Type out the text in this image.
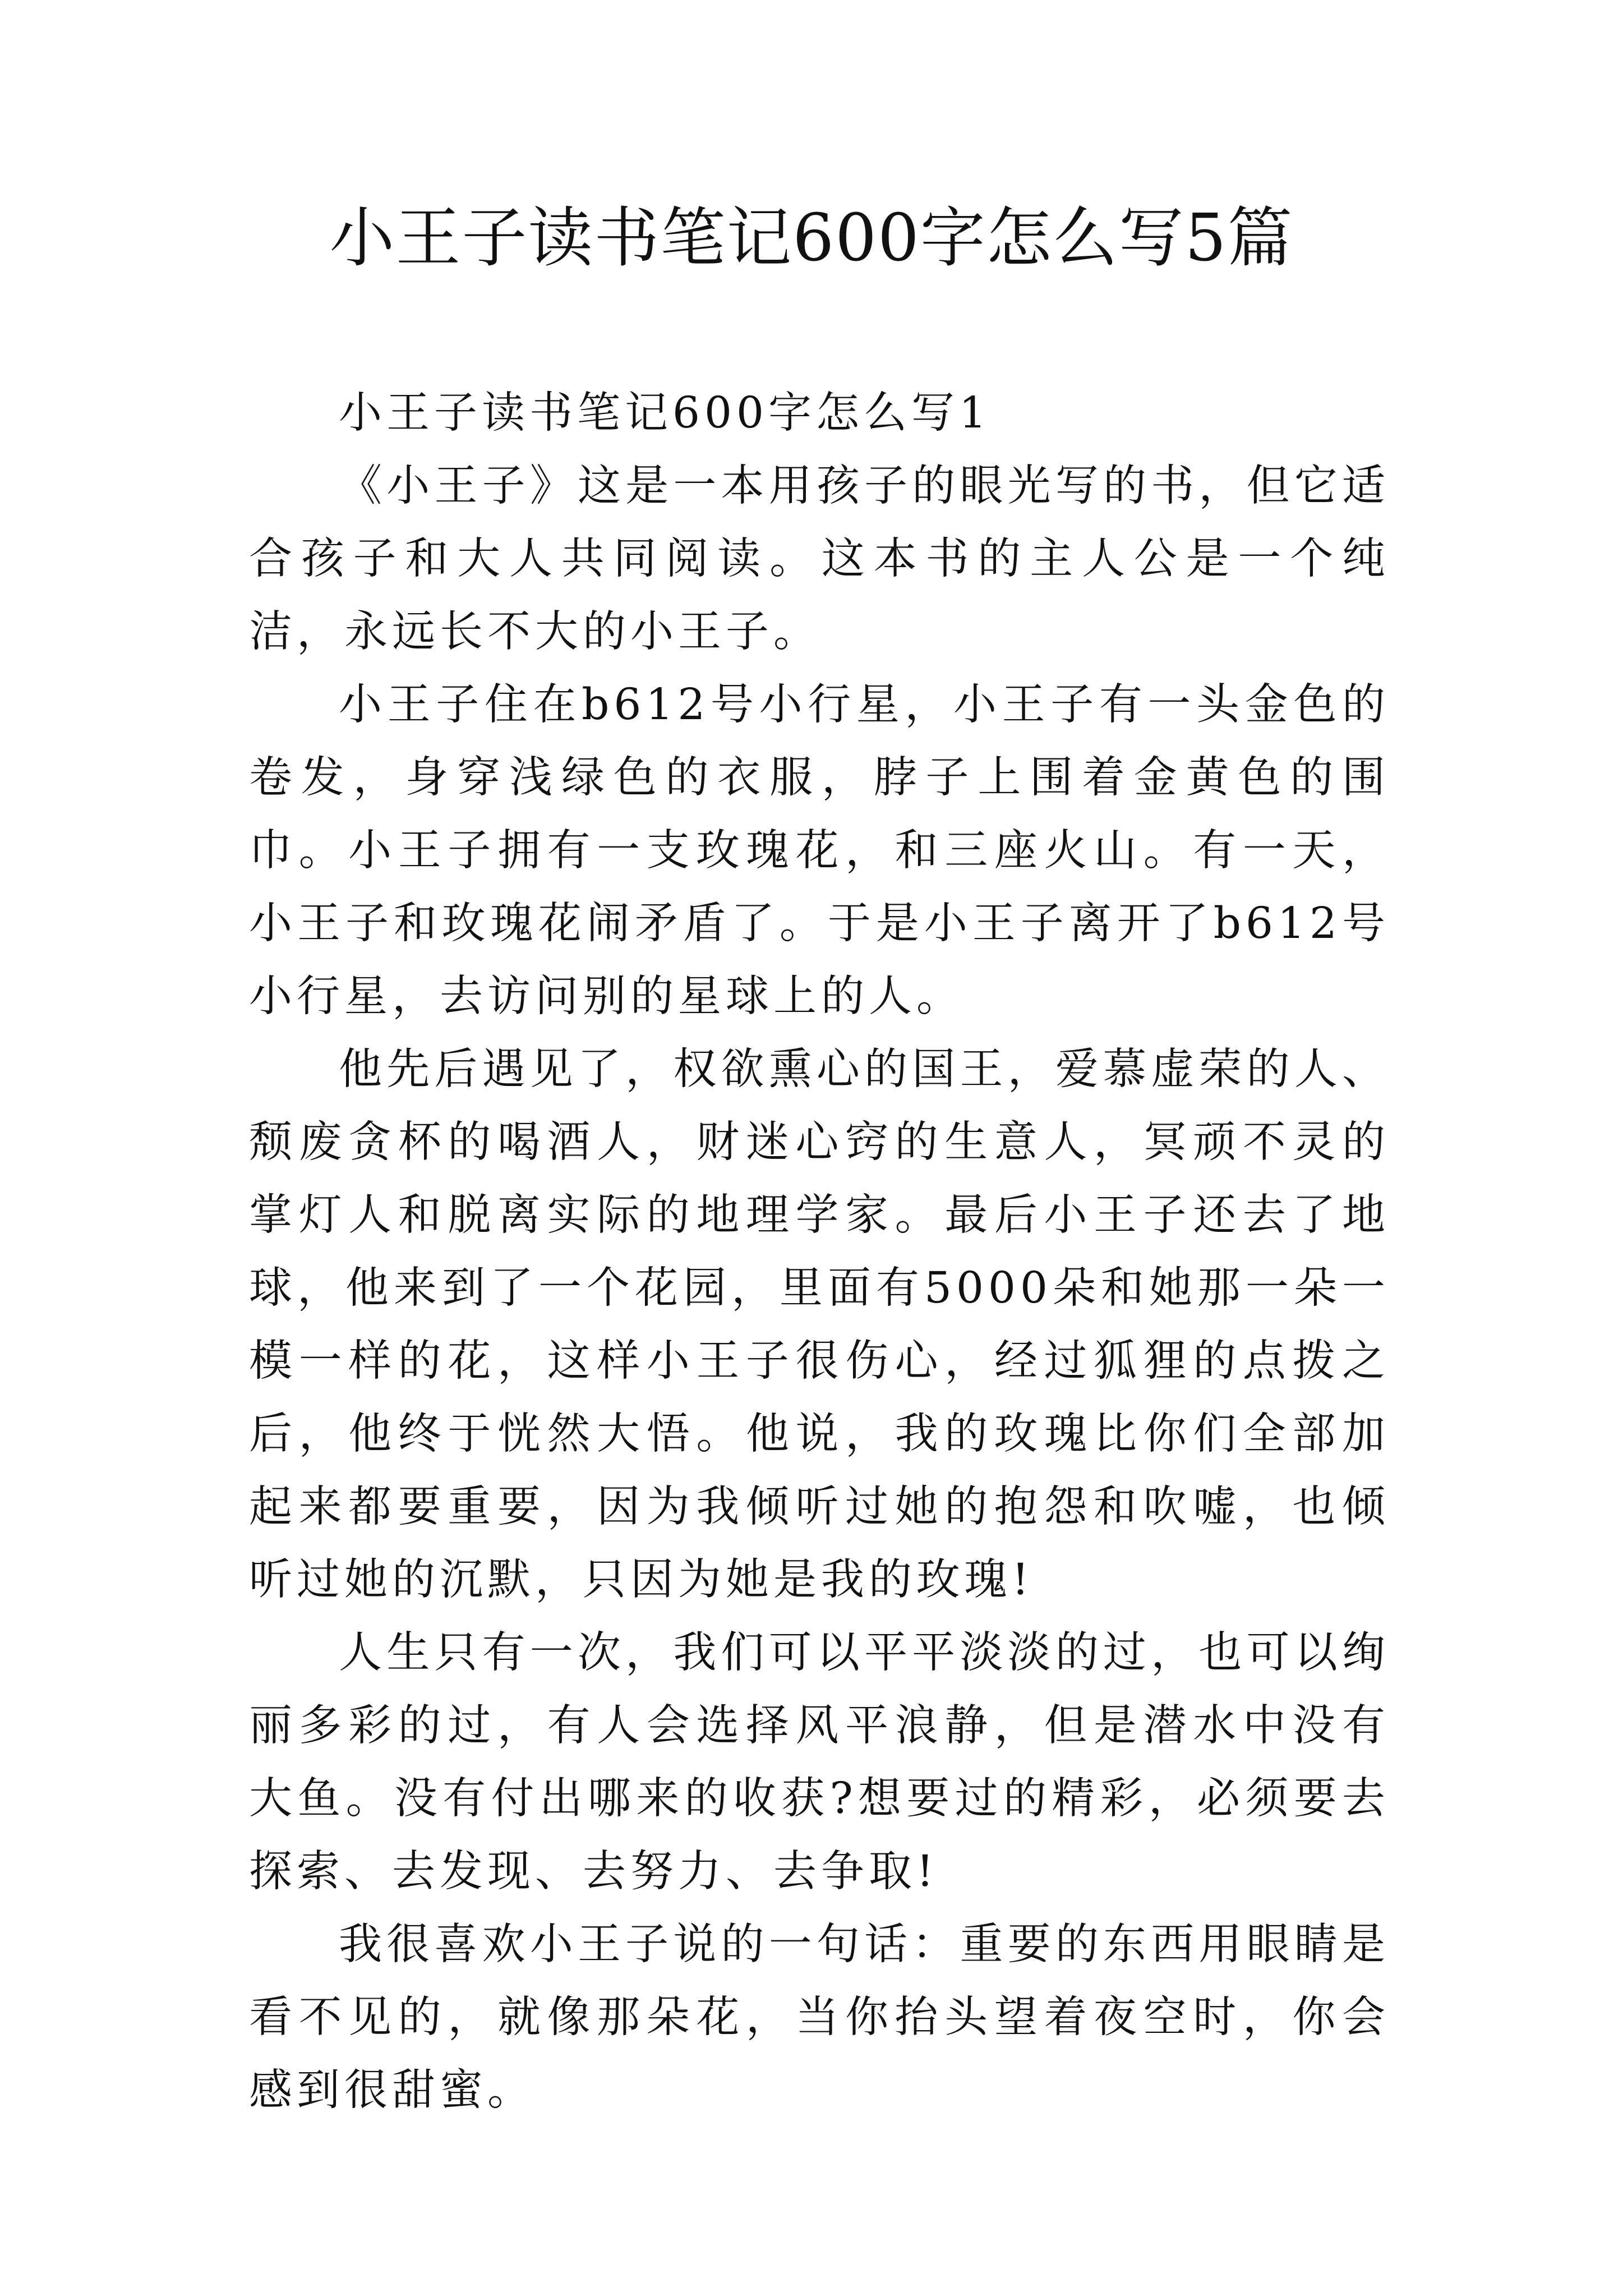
小王子读书笔记600字怎么写5篇

小王子读书笔记600字怎么写1

《小王子》这是一本用孩子的眼光写的书，但它适合孩子和大人共同阅读。这本书的主人公是一个纯洁，永远长不大的小王子。

小王子住在b612号小行星，小王子有一头金色的卷发，身穿浅绿色的衣服，脖子上围着金黄色的围巾。小王子拥有一支玫瑰花，和三座火山。有一天，小王子和玫瑰花闹矛盾了。于是小王子离开了b612号小行星，去访问别的星球上的人。

他先后遇见了，权欲熏心的国王，爱慕虚荣的人、颓废贪杯的喝酒人，财迷心窍的生意人，冥顽不灵的掌灯人和脱离实际的地理学家。最后小王子还去了地球，他来到了一个花园，里面有5000朵和她那一朵一模一样的花，这样小王子很伤心，经过狐狸的点拨之后，他终于恍然大悟。他说，我的玫瑰比你们全部加起来都要重要，因为我倾听过她的抱怨和吹嘘，也倾听过她的沉默，只因为她是我的玫瑰!

人生只有一次，我们可以平平淡淡的过，也可以绚丽多彩的过，有人会选择风平浪静，但是潜水中没有大鱼。没有付出哪来的收获?想要过的精彩，必须要去探索、去发现、去努力、去争取!

我很喜欢小王子说的一句话：重要的东西用眼睛是看不见的，就像那朵花，当你抬头望着夜空时，你会感到很甜蜜。
